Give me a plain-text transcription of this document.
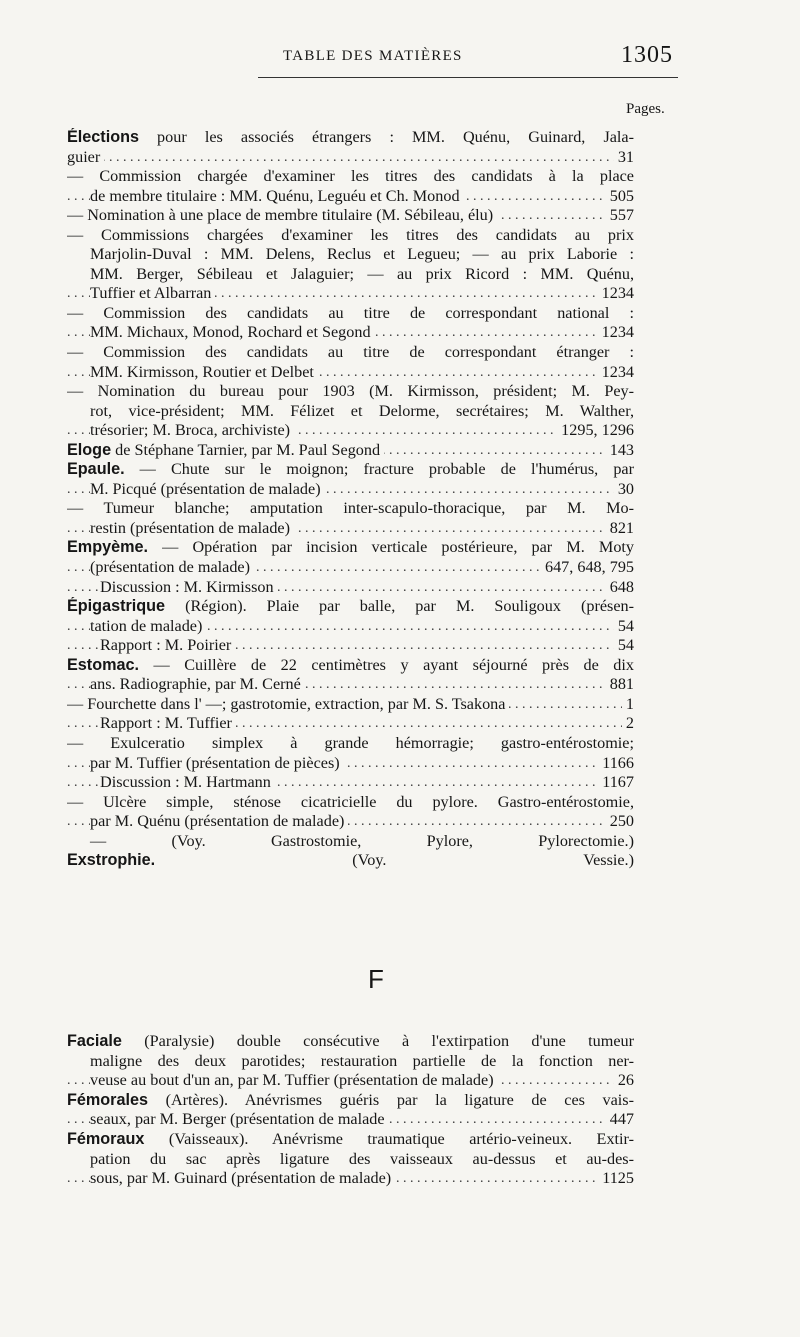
TABLE DES MATIÈRES	1305
Pages.
Élections pour les associés étrangers : MM. Quénu, Guinard, Jala-
. . .
guier	31
— Commission chargée d'examiner les titres des candidats à la place
. . .
de membre titulaire : MM. Quénu, Leguéu et Ch. Monod	505
. . .
— Nomination à une place de membre titulaire (M. Sébileau, élu)	557
— Commissions chargées d'examiner les titres des candidats au prix
Marjolin-Duval : MM. Delens, Reclus et Legueu; — au prix Laborie :
MM. Berger, Sébileau et Jalaguier; — au prix Ricord : MM. Quénu,
. . .
Tuffier et Albarran	1234
— Commission des candidats au titre de correspondant national :
. . .
MM. Michaux, Monod, Rochard et Segond	1234
— Commission des candidats au titre de correspondant étranger :
. . .
MM. Kirmisson, Routier et Delbet	1234
— Nomination du bureau pour 1903 (M. Kirmisson, président; M. Pey-
rot, vice-président; MM. Félizet et Delorme, secrétaires; M. Walther,
. . .
trésorier; M. Broca, archiviste)	1295, 1296
. . .
Eloge de Stéphane Tarnier, par M. Paul Segond	143
Epaule. — Chute sur le moignon; fracture probable de l'humérus, par
. . .
M. Picqué (présentation de malade)	30
— Tumeur blanche; amputation inter-scapulo-thoracique, par M. Mo-
. . .
restin (présentation de malade)	821
Empyème. — Opération par incision verticale postérieure, par M. Moty
. . .
(présentation de malade)	647, 648, 795
. . .
Discussion : M. Kirmisson	648
Épigastrique (Région). Plaie par balle, par M. Souligoux (présen-
. . .
tation de malade)	54
. . .
Rapport : M. Poirier	54
Estomac. — Cuillère de 22 centimètres y ayant séjourné près de dix
. . .
ans. Radiographie, par M. Cerné	881
. . .
— Fourchette dans l' —; gastrotomie, extraction, par M. S. Tsakona	1
. . .
Rapport : M. Tuffier	2
— Exulceratio simplex à grande hémorragie; gastro-entérostomie;
. . .
par M. Tuffier (présentation de pièces)	1166
. . .
Discussion : M. Hartmann	1167
— Ulcère simple, sténose cicatricielle du pylore. Gastro-entérostomie,
. . .
par M. Quénu (présentation de malade)	250
— (Voy. Gastrostomie, Pylore, Pylorectomie.)
Exstrophie. (Voy. Vessie.)
F
Faciale (Paralysie) double consécutive à l'extirpation d'une tumeur
maligne des deux parotides; restauration partielle de la fonction ner-
. . .
veuse au bout d'un an, par M. Tuffier (présentation de malade)	26
Fémorales (Artères). Anévrismes guéris par la ligature de ces vais-
. . .
seaux, par M. Berger (présentation de malade	447
Fémoraux (Vaisseaux). Anévrisme traumatique artério-veineux. Extir-
pation du sac après ligature des vaisseaux au-dessus et au-des-
. . .
sous, par M. Guinard (présentation de malade)	1125
